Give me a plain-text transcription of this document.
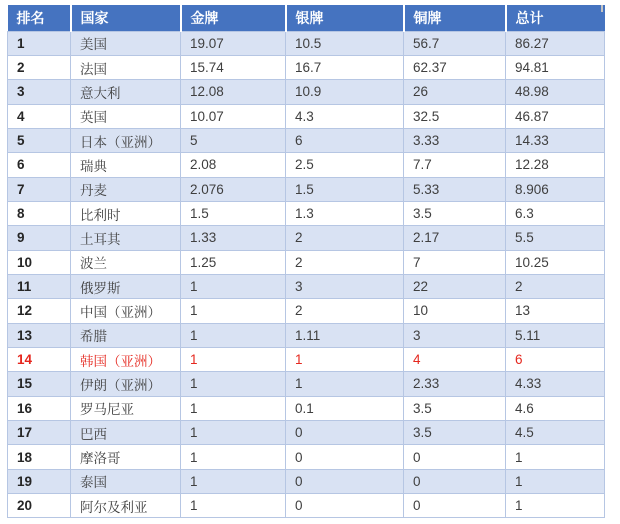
排名	国家	金牌	银牌	铜牌	总计
1	美国	19.07	10.5	56.7	86.27
2	法国	15.74	16.7	62.37	94.81
3	意大利	12.08	10.9	26	48.98
4	英国	10.07	4.3	32.5	46.87
5	日本（亚洲）	5	6	3.33	14.33
6	瑞典	2.08	2.5	7.7	12.28
7	丹麦	2.076	1.5	5.33	8.906
8	比利时	1.5	1.3	3.5	6.3
9	土耳其	1.33	2	2.17	5.5
10	波兰	1.25	2	7	10.25
11	俄罗斯	1	3	22	2
12	中国（亚洲）	1	2	10	13
13	希腊	1	1.11	3	5.11
14	韩国（亚洲）	1	1	4	6
15	伊朗（亚洲）	1	1	2.33	4.33
16	罗马尼亚	1	0.1	3.5	4.6
17	巴西	1	0	3.5	4.5
18	摩洛哥	1	0	0	1
19	泰国	1	0	0	1
20	阿尔及利亚	1	0	0	1
